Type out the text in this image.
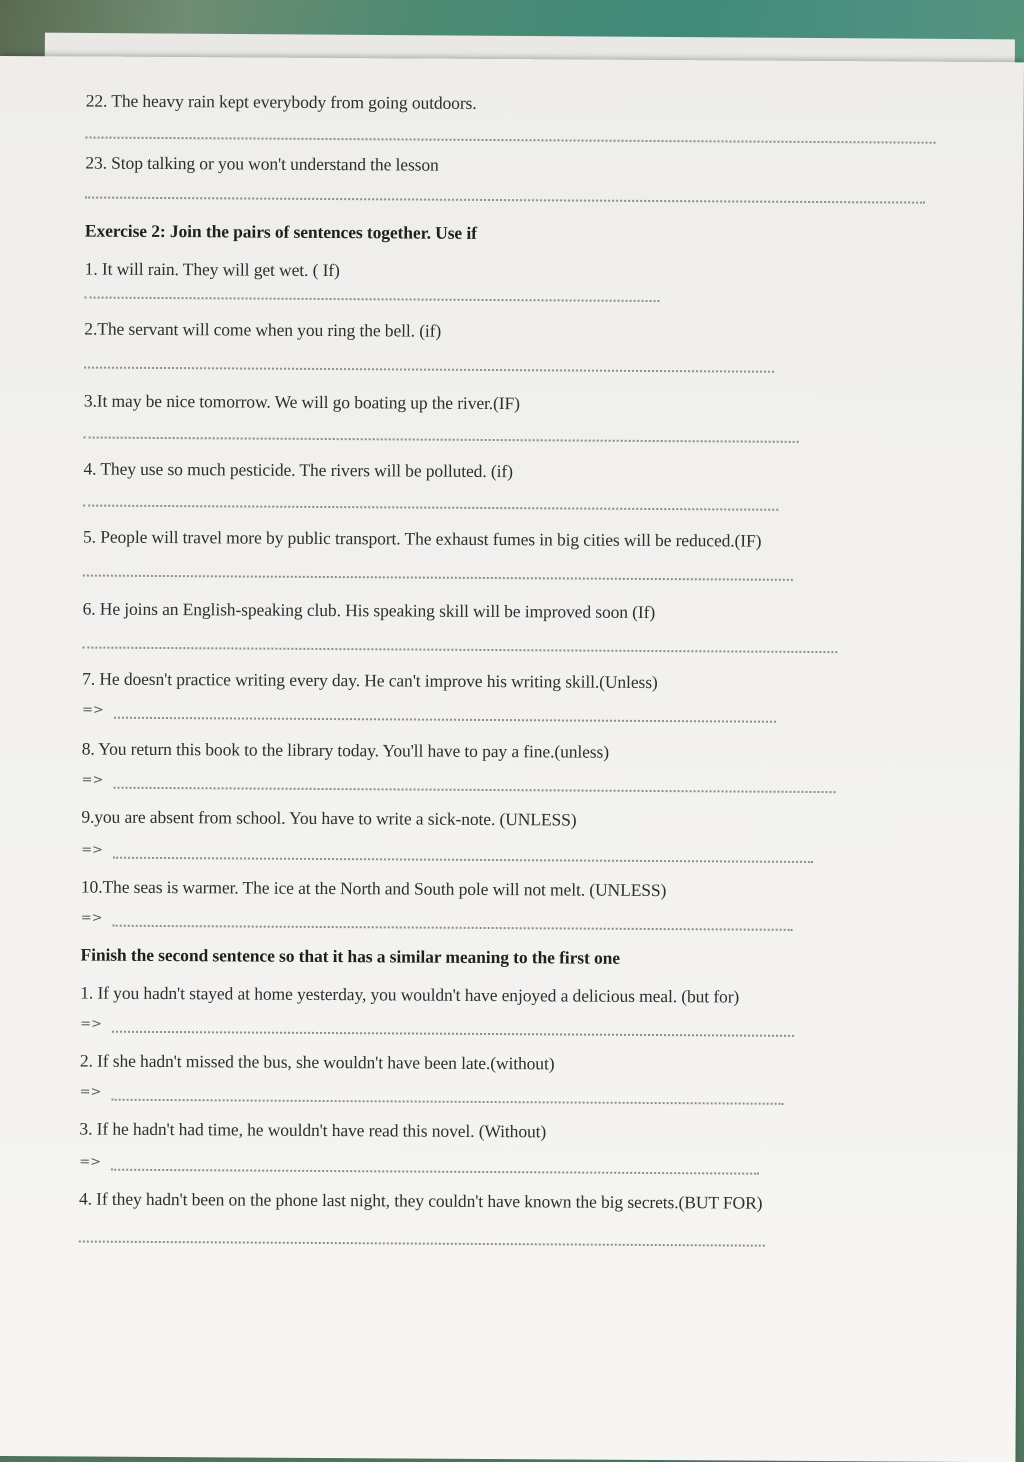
22. The heavy rain kept everybody from going outdoors.
23. Stop talking or you won't understand the lesson
Exercise 2: Join the pairs of sentences together. Use if
1. It will rain. They will get wet. ( If)
2.The servant will come when you ring the bell. (if)
3.It may be nice tomorrow. We will go boating up the river.(IF)
4. They use so much pesticide. The rivers will be polluted. (if)
5. People will travel more by public transport. The exhaust fumes in big cities will be reduced.(IF)
6. He joins an English-speaking club. His speaking skill will be improved soon (If)
7. He doesn't practice writing every day. He can't improve his writing skill.(Unless)
=>
8. You return this book to the library today. You'll have to pay a fine.(unless)
=>
9.you are absent from school. You have to write a sick-note. (UNLESS)
=>
10.The seas is warmer. The ice at the North and South pole will not melt. (UNLESS)
=>
Finish the second sentence so that it has a similar meaning to the first one
1. If you hadn't stayed at home yesterday, you wouldn't have enjoyed a delicious meal. (but for)
=>
2. If she hadn't missed the bus, she wouldn't have been late.(without)
=>
3. If he hadn't had time, he wouldn't have read this novel. (Without)
=>
4. If they hadn't been on the phone last night, they couldn't have known the big secrets.(BUT FOR)
